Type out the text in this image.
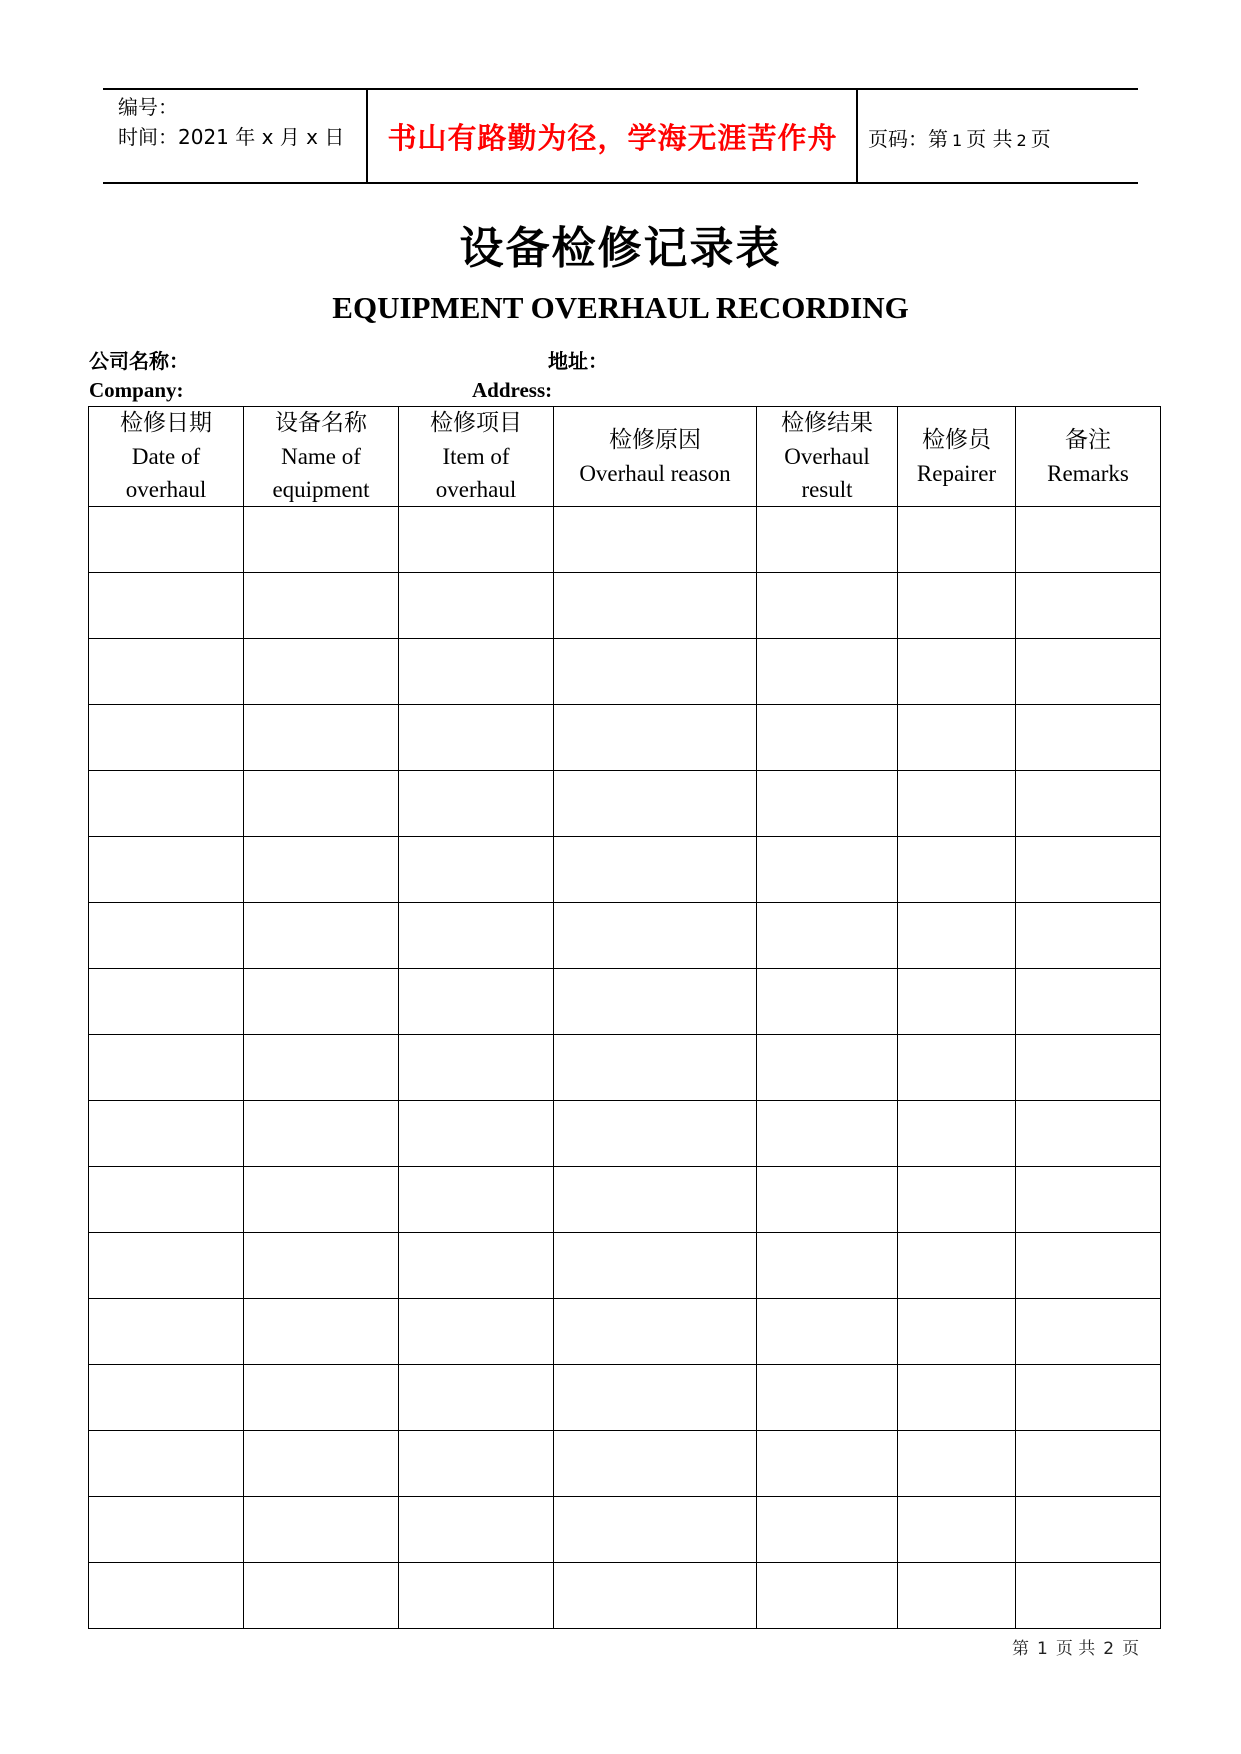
编号：
时间：2021 年 x 月 x 日	书山有路勤为径，学海无涯苦作舟	页码：第 1 页 共 2 页
设备检修记录表
EQUIPMENT OVERHAUL RECORDING
公司名称：	地址：
Company:	Address:
检修日期
Date of
overhaul	设备名称
Name of
equipment	检修项目
Item of
overhaul	检修原因
Overhaul reason	检修结果
Overhaul
result	检修员
Repairer	备注
Remarks

第 1 页 共 2 页
